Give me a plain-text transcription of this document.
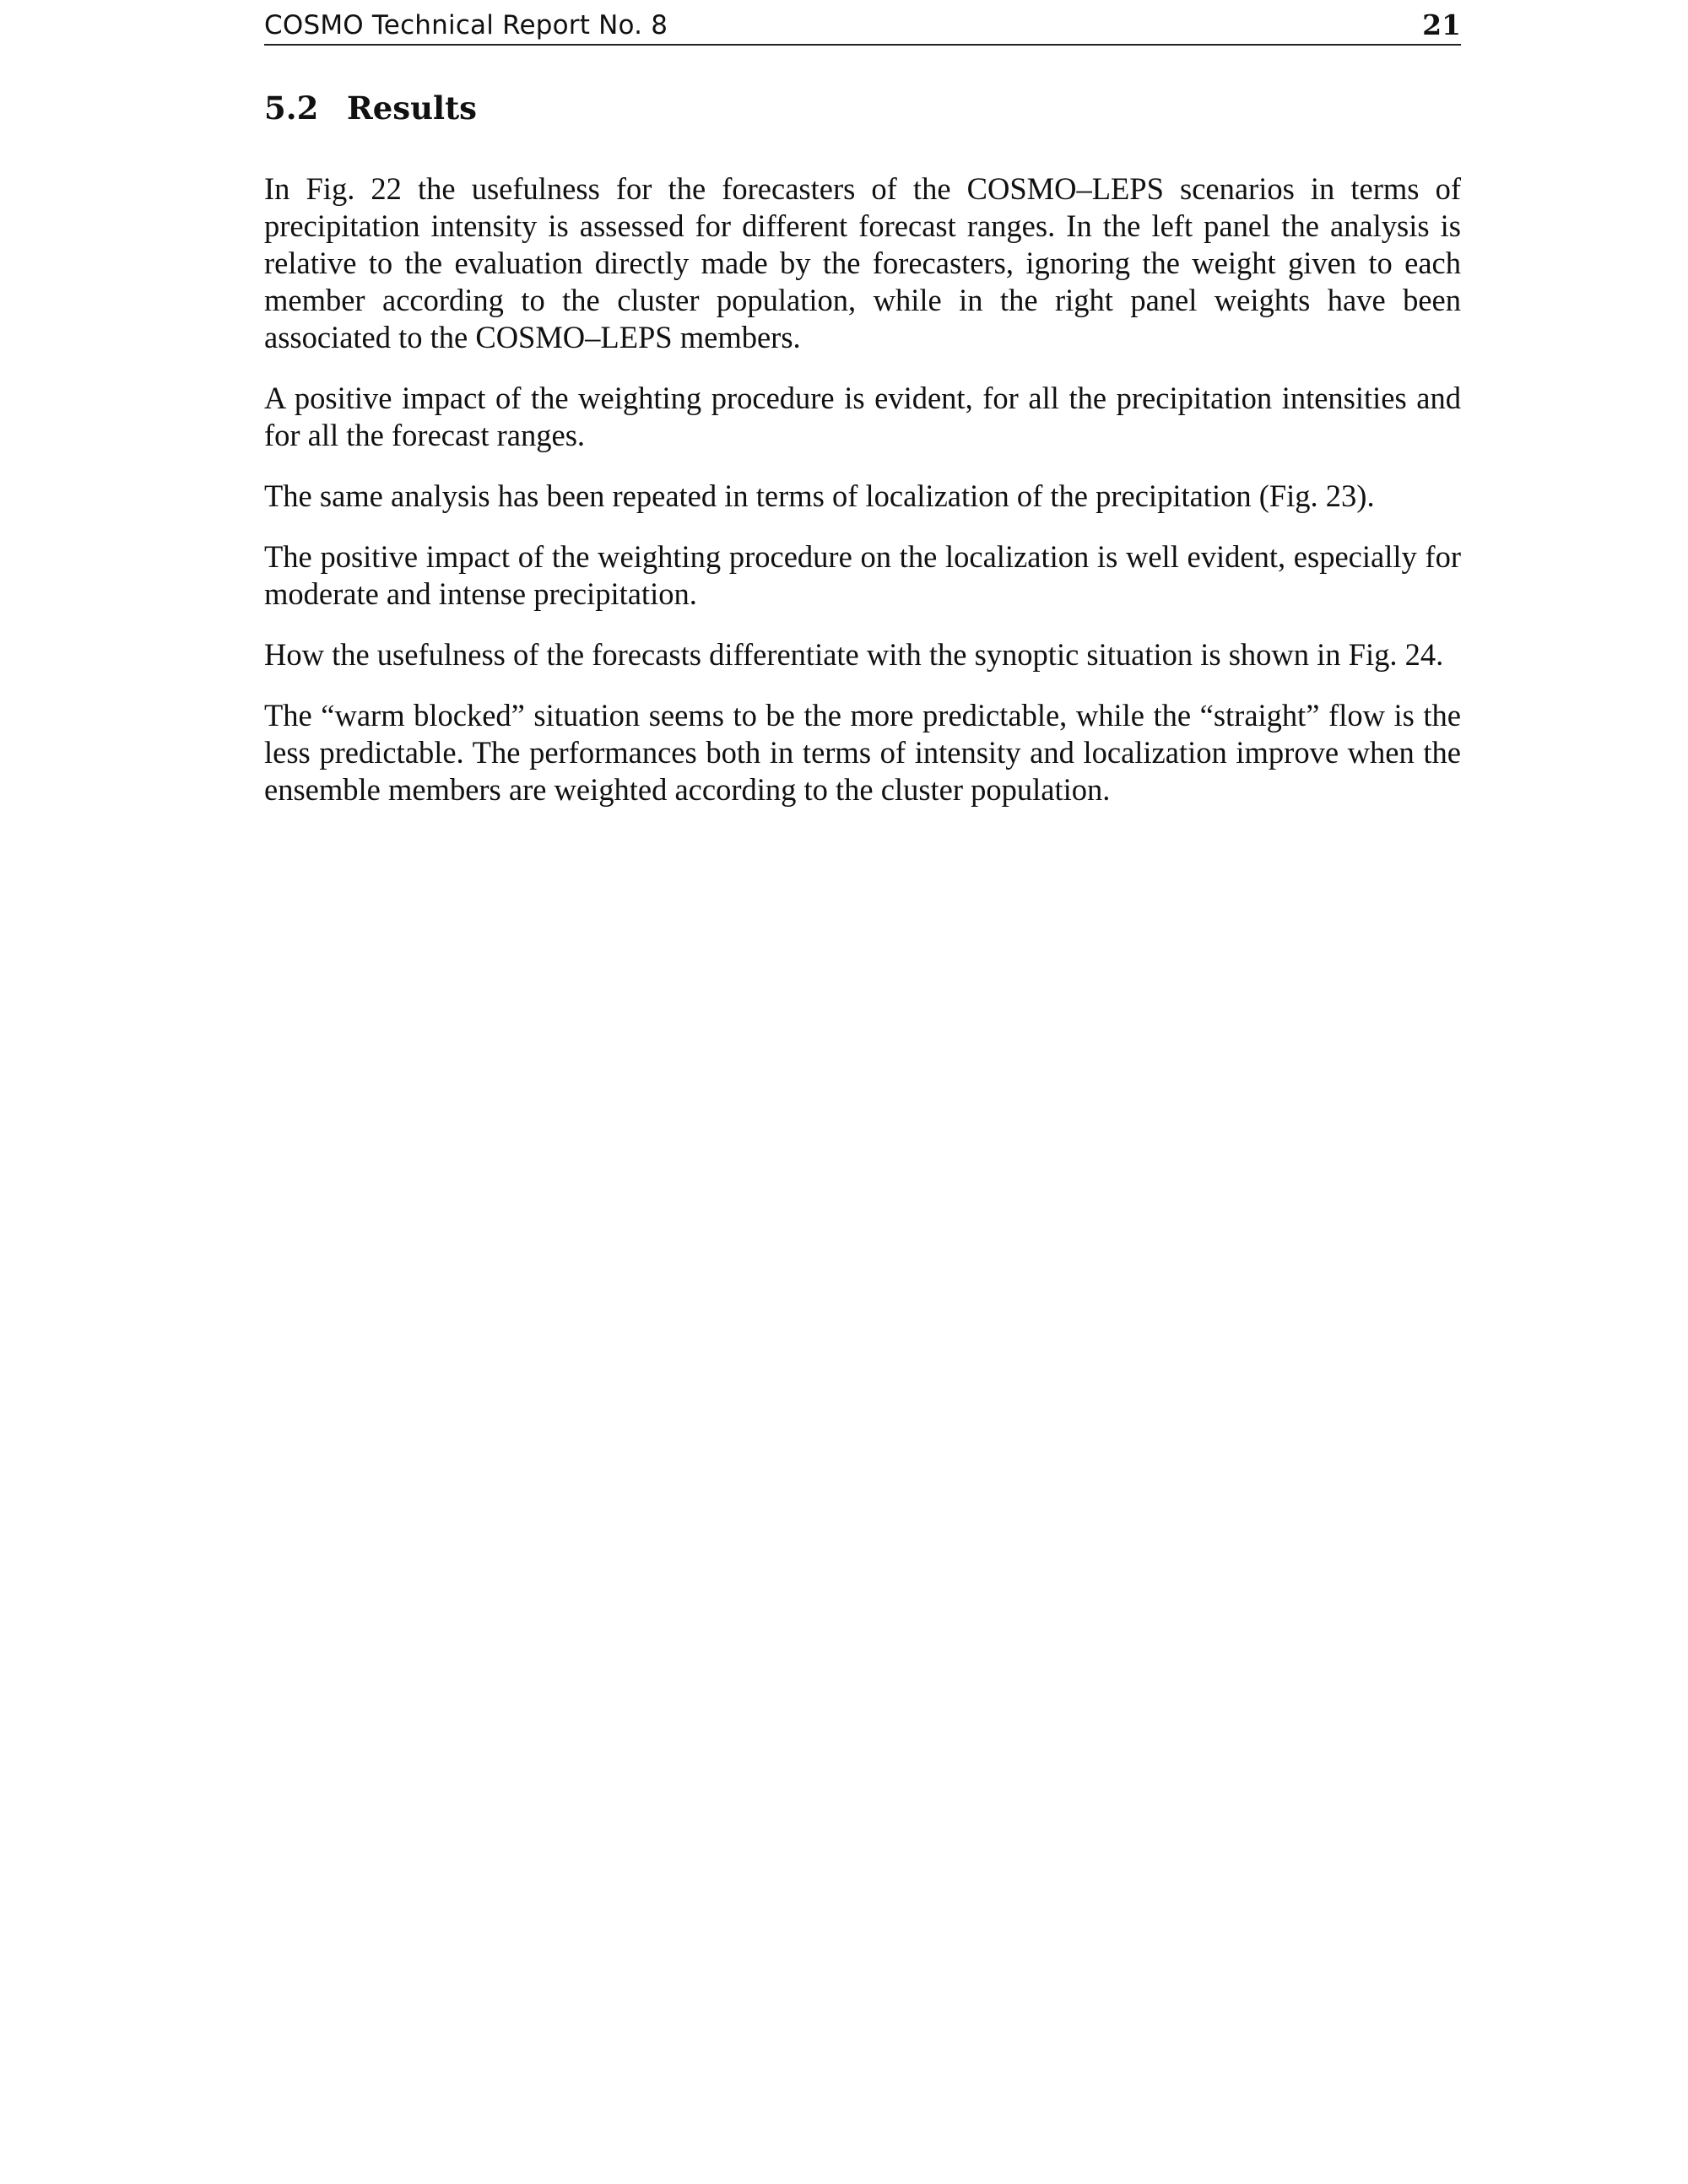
COSMO Technical Report No. 8	21
5.2 Results

In Fig. 22 the usefulness for the forecasters of the COSMO–LEPS scenarios in terms of precipitation intensity is assessed for different forecast ranges. In the left panel the analysis is relative to the evaluation directly made by the forecasters, ignoring the weight given to each member according to the cluster population, while in the right panel weights have been associated to the COSMO–LEPS members.

A positive impact of the weighting procedure is evident, for all the precipitation intensities and for all the forecast ranges.

The same analysis has been repeated in terms of localization of the precipitation (Fig. 23).

The positive impact of the weighting procedure on the localization is well evident, especially for moderate and intense precipitation.

How the usefulness of the forecasts differentiate with the synoptic situation is shown in Fig. 24.

The “warm blocked” situation seems to be the more predictable, while the “straight” flow is the less predictable. The performances both in terms of intensity and localization improve when the ensemble members are weighted according to the cluster population.
